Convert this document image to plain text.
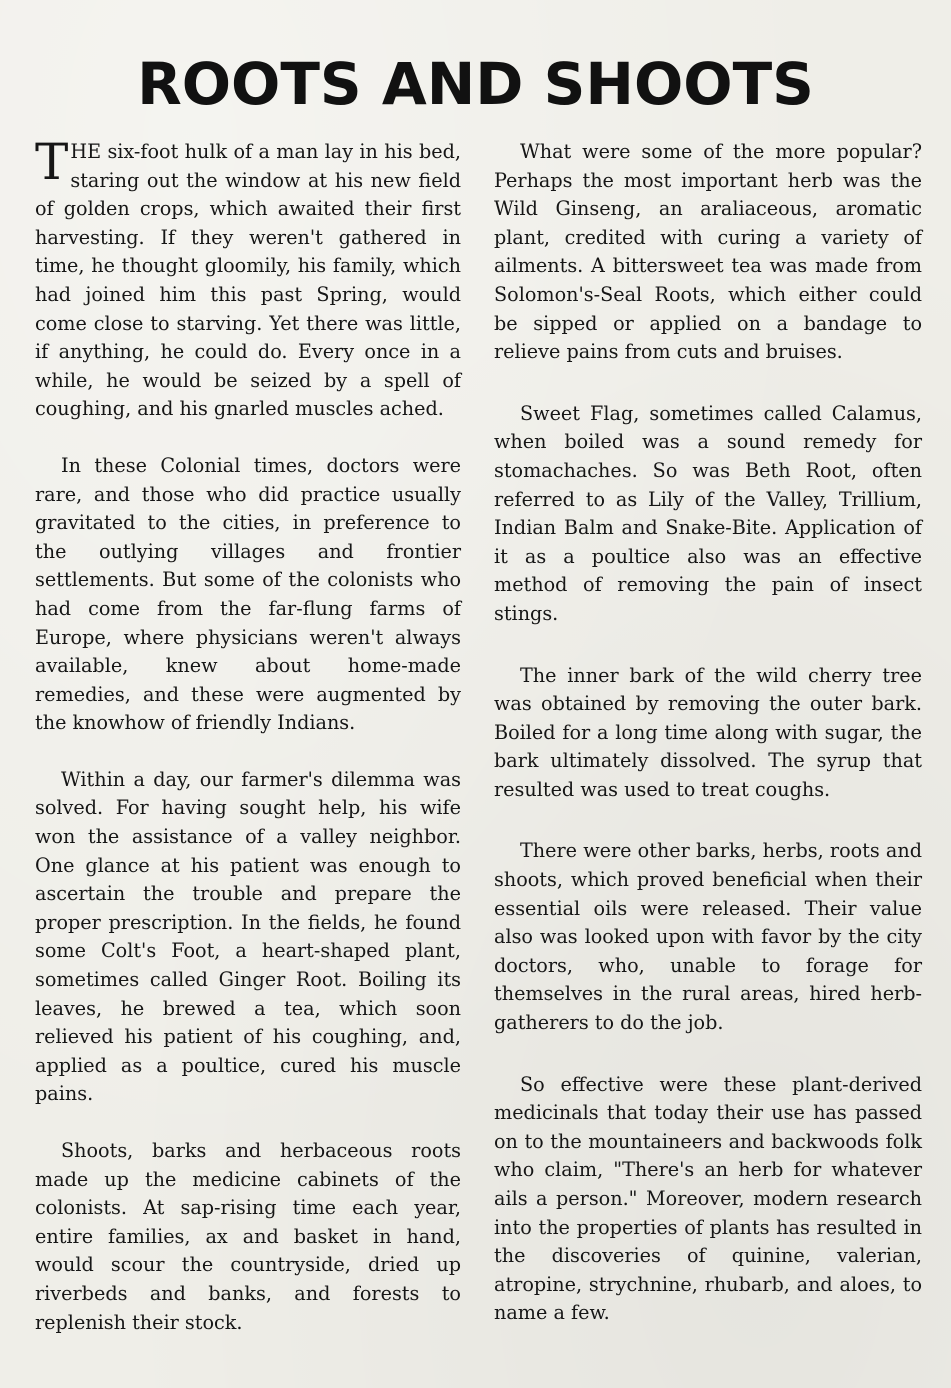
ROOTS AND SHOOTS

THE six-foot hulk of a man lay in his bed, staring out the window at his new field of golden crops, which awaited their first harvesting. If they weren't gathered in time, he thought gloomily, his family, which had joined him this past Spring, would come close to starving. Yet there was little, if anything, he could do. Every once in a while, he would be seized by a spell of coughing, and his gnarled muscles ached.

In these Colonial times, doctors were rare, and those who did practice usually gravitated to the cities, in preference to the outlying villages and frontier settlements. But some of the colonists who had come from the far-flung farms of Europe, where physicians weren't always available, knew about home-made remedies, and these were augmented by the knowhow of friendly Indians.

Within a day, our farmer's dilemma was solved. For having sought help, his wife won the assistance of a valley neighbor. One glance at his patient was enough to ascertain the trouble and prepare the proper prescription. In the fields, he found some Colt's Foot, a heart-shaped plant, sometimes called Ginger Root. Boiling its leaves, he brewed a tea, which soon relieved his patient of his coughing, and, applied as a poultice, cured his muscle pains.

Shoots, barks and herbaceous roots made up the medicine cabinets of the colonists. At sap-rising time each year, entire families, ax and basket in hand, would scour the countryside, dried up riverbeds and banks, and forests to replenish their stock.

What were some of the more popular? Perhaps the most important herb was the Wild Ginseng, an araliaceous, aromatic plant, credited with curing a variety of ailments. A bittersweet tea was made from Solomon's-Seal Roots, which either could be sipped or applied on a bandage to relieve pains from cuts and bruises.

Sweet Flag, sometimes called Calamus, when boiled was a sound remedy for stomachaches. So was Beth Root, often referred to as Lily of the Valley, Trillium, Indian Balm and Snake-Bite. Application of it as a poultice also was an effective method of removing the pain of insect stings.

The inner bark of the wild cherry tree was obtained by removing the outer bark. Boiled for a long time along with sugar, the bark ultimately dissolved. The syrup that resulted was used to treat coughs.

There were other barks, herbs, roots and shoots, which proved beneficial when their essential oils were released. Their value also was looked upon with favor by the city doctors, who, unable to forage for themselves in the rural areas, hired herb-gatherers to do the job.

So effective were these plant-derived medicinals that today their use has passed on to the mountaineers and backwoods folk who claim, "There's an herb for whatever ails a person." Moreover, modern research into the properties of plants has resulted in the discoveries of quinine, valerian, atropine, strychnine, rhubarb, and aloes, to name a few.
